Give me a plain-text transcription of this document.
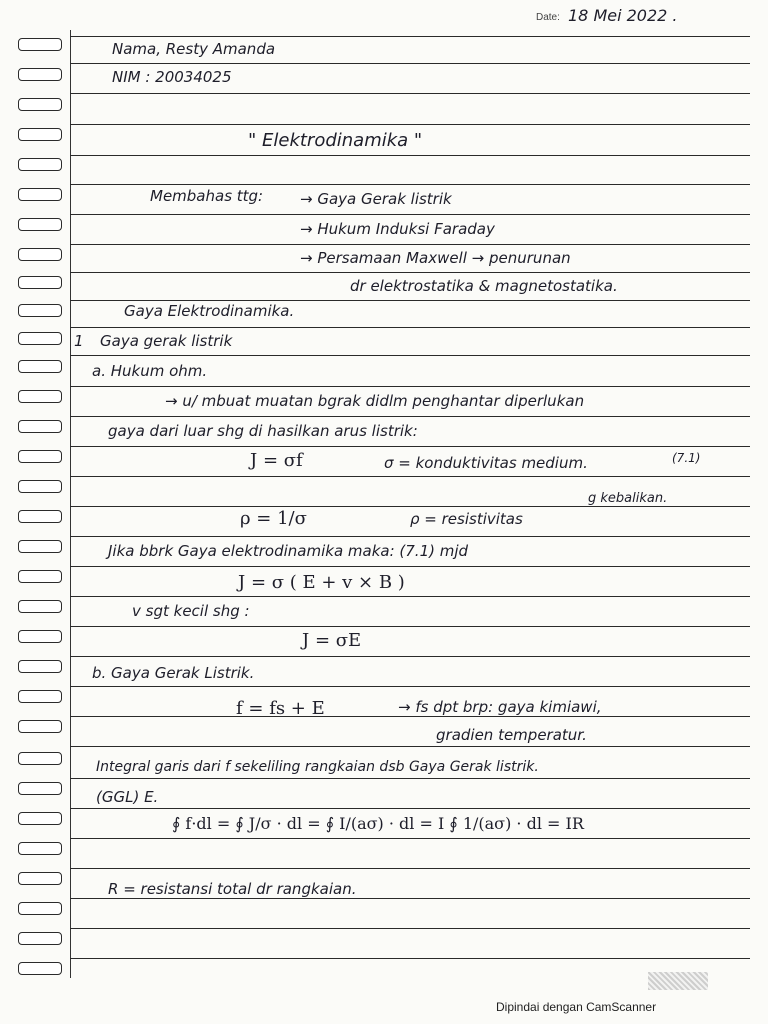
Date: 18 Mei 2022 .
Nama, Resty Amanda
NIM : 20034025
" Elektrodinamika "
Membahas ttg: → Gaya Gerak listrik
→ Hukum Induksi Faraday
→ Persamaan Maxwell → penurunan
dr elektrostatika & magnetostatika.
Gaya Elektrodinamika.
1 Gaya gerak listrik
a. Hukum ohm.
→ u/ mbuat muatan bgrak didlm penghantar diperlukan
gaya dari luar shg di hasilkan arus listrik:
J = σf	σ = konduktivitas medium.	(7.1)
g kebalikan.
ρ = 1/σ	ρ = resistivitas
Jika bbrk Gaya elektrodinamika maka: (7.1) mjd
J = σ ( E + v × B )
v sgt kecil shg :
J = σE
b. Gaya Gerak Listrik.
f = fs + E	→ fs dpt brp: gaya kimiawi,
gradien temperatur.
Integral garis dari f sekeliling rangkaian dsb Gaya Gerak listrik.
(GGL) E.
∮ f·dl = ∮ J/σ · dl = ∮ I/(aσ) · dl = I ∮ 1/(aσ) · dl = IR
R = resistansi total dr rangkaian.
Dipindai dengan CamScanner
